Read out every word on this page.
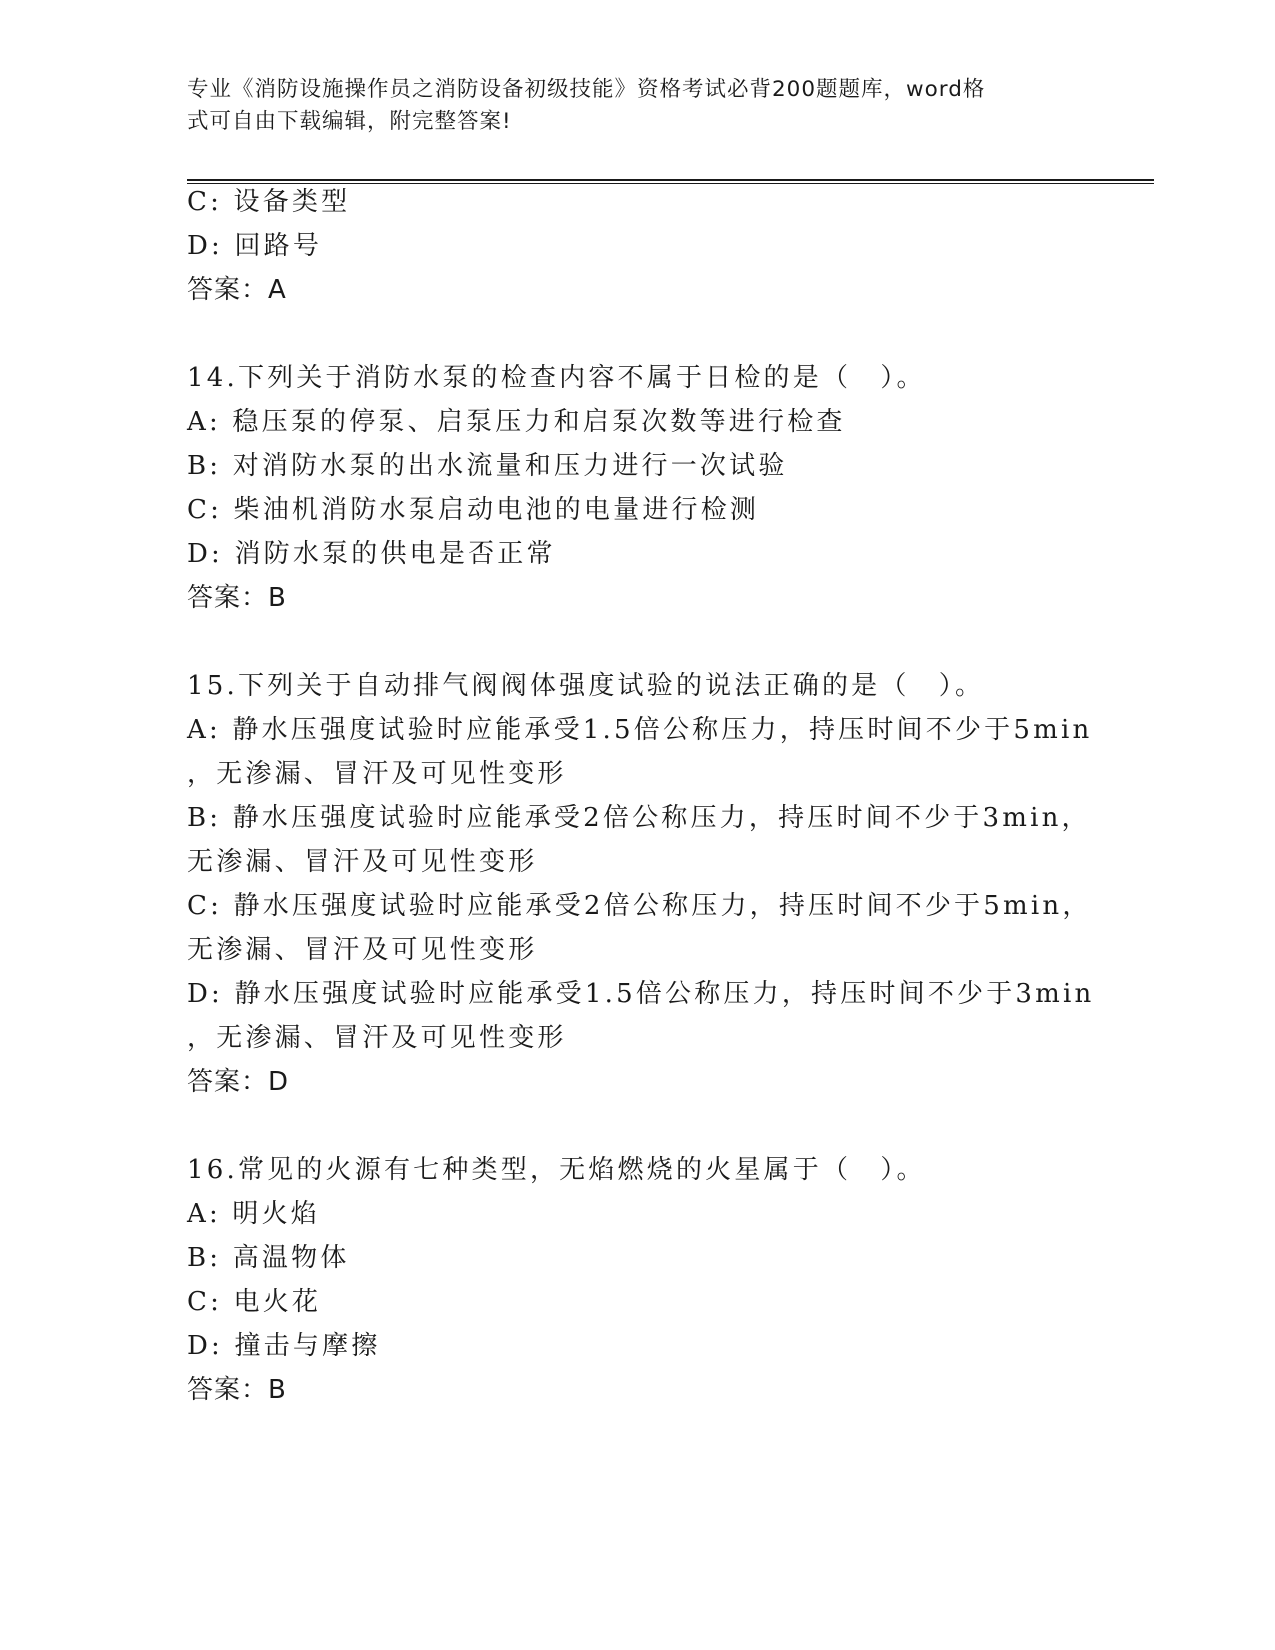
专业《消防设施操作员之消防设备初级技能》资格考试必背200题题库，word格
式可自由下载编辑，附完整答案!

C: 设备类型

D: 回路号

答案：A

14.下列关于消防水泵的检查内容不属于日检的是（　）。

A: 稳压泵的停泵、启泵压力和启泵次数等进行检查

B: 对消防水泵的出水流量和压力进行一次试验

C: 柴油机消防水泵启动电池的电量进行检测

D: 消防水泵的供电是否正常

答案：B

15.下列关于自动排气阀阀体强度试验的说法正确的是（　）。

A: 静水压强度试验时应能承受1.5倍公称压力，持压时间不少于5min

，无渗漏、冒汗及可见性变形

B: 静水压强度试验时应能承受2倍公称压力，持压时间不少于3min，

无渗漏、冒汗及可见性变形

C: 静水压强度试验时应能承受2倍公称压力，持压时间不少于5min，

无渗漏、冒汗及可见性变形

D: 静水压强度试验时应能承受1.5倍公称压力，持压时间不少于3min

，无渗漏、冒汗及可见性变形

答案：D

16.常见的火源有七种类型，无焰燃烧的火星属于（　）。

A: 明火焰

B: 高温物体

C: 电火花

D: 撞击与摩擦

答案：B
